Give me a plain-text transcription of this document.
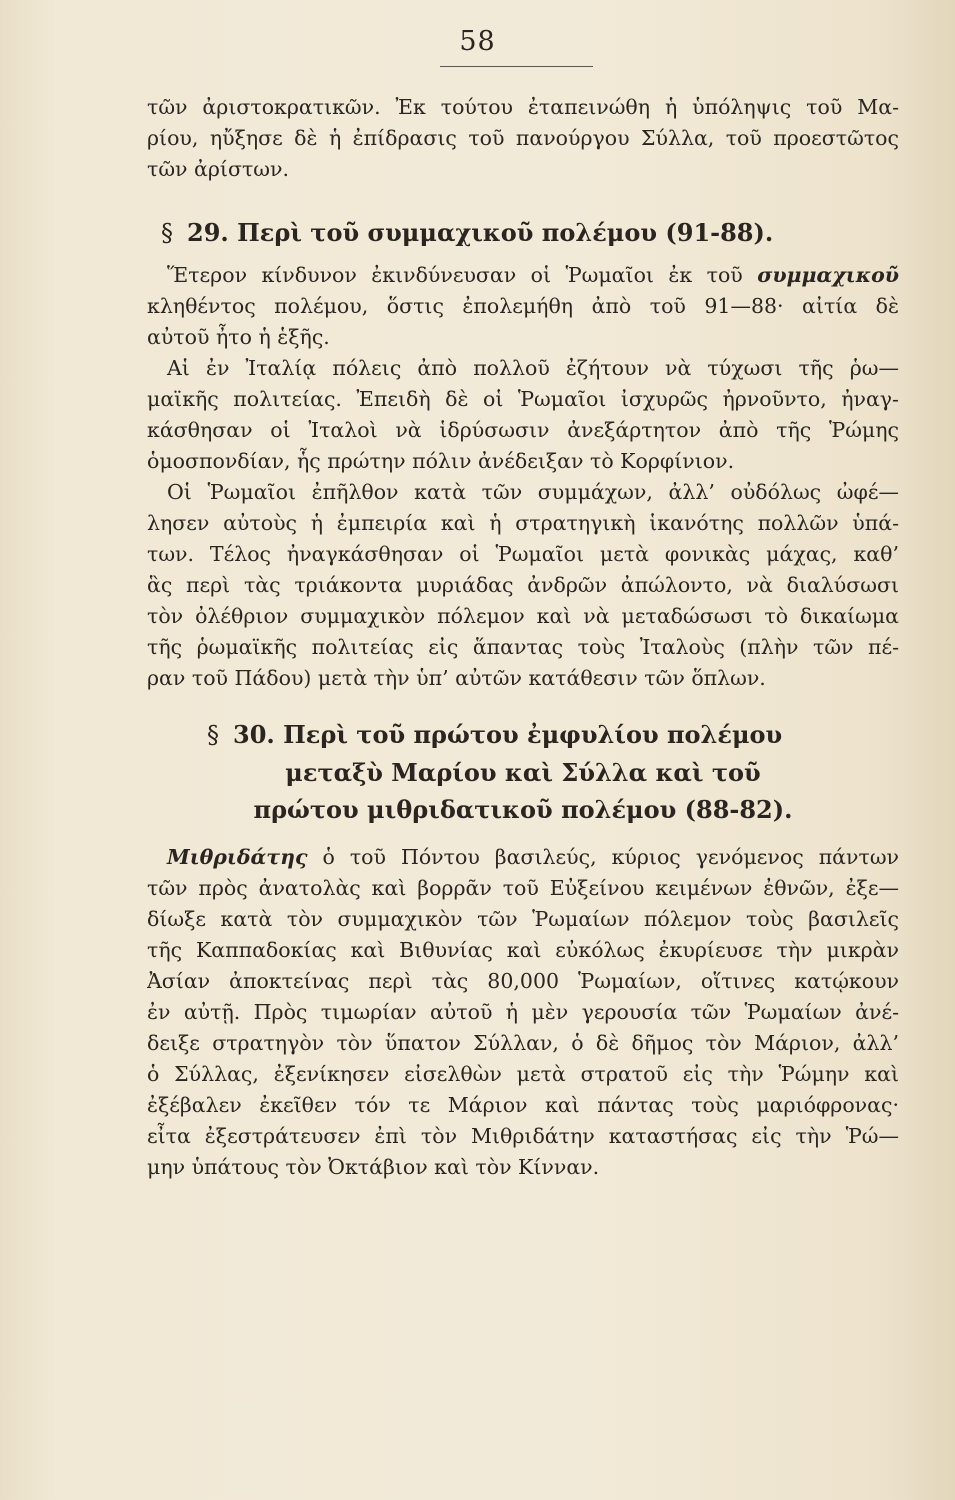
58
τῶν ἀριστοκρατικῶν. Ἐκ τούτου ἐταπεινώθη ἡ ὑπόληψις τοῦ Μα-
ρίου, ηὔξησε δὲ ἡ ἐπίδρασις τοῦ πανούργου Σύλλα, τοῦ προεστῶτος
τῶν ἀρίστων.
§ 29. Περὶ τοῦ συμμαχικοῦ πολέμου (91-88).
Ἕτερον κίνδυνον ἐκινδύνευσαν οἱ Ῥωμαῖοι ἐκ τοῦ συμμαχικοῦ
κληθέντος πολέμου, ὅστις ἐπολεμήθη ἀπὸ τοῦ 91—88· αἰτία δὲ
αὐτοῦ ἦτο ἡ ἑξῆς.
Αἱ ἐν Ἰταλίᾳ πόλεις ἀπὸ πολλοῦ ἐζήτουν νὰ τύχωσι τῆς ῥω—
μαϊκῆς πολιτείας. Ἐπειδὴ δὲ οἱ Ῥωμαῖοι ἰσχυρῶς ἠρνοῦντο, ἠναγ-
κάσθησαν οἱ Ἰταλοὶ νὰ ἱδρύσωσιν ἀνεξάρτητον ἀπὸ τῆς Ῥώμης
ὁμοσπονδίαν, ἧς πρώτην πόλιν ἀνέδειξαν τὸ Κορφίνιον.
Οἱ Ῥωμαῖοι ἐπῆλθον κατὰ τῶν συμμάχων, ἀλλ’ οὐδόλως ὠφέ—
λησεν αὐτοὺς ἡ ἐμπειρία καὶ ἡ στρατηγικὴ ἱκανότης πολλῶν ὑπά-
των. Τέλος ἠναγκάσθησαν οἱ Ῥωμαῖοι μετὰ φονικὰς μάχας, καθ’
ἃς περὶ τὰς τριάκοντα μυριάδας ἀνδρῶν ἀπώλοντο, νὰ διαλύσωσι
τὸν ὀλέθριον συμμαχικὸν πόλεμον καὶ νὰ μεταδώσωσι τὸ δικαίωμα
τῆς ῥωμαϊκῆς πολιτείας εἰς ἅπαντας τοὺς Ἰταλοὺς (πλὴν τῶν πέ-
ραν τοῦ Πάδου) μετὰ τὴν ὑπ’ αὐτῶν κατάθεσιν τῶν ὅπλων.
§ 30. Περὶ τοῦ πρώτου ἐμφυλίου πολέμου
μεταξὺ Μαρίου καὶ Σύλλα καὶ τοῦ
πρώτου μιθριδατικοῦ πολέμου (88-82).
Μιθριδάτης ὁ τοῦ Πόντου βασιλεύς, κύριος γενόμενος πάντων
τῶν πρὸς ἀνατολὰς καὶ βορρᾶν τοῦ Εὐξείνου κειμένων ἐθνῶν, ἐξε—
δίωξε κατὰ τὸν συμμαχικὸν τῶν Ῥωμαίων πόλεμον τοὺς βασιλεῖς
τῆς Καππαδοκίας καὶ Βιθυνίας καὶ εὐκόλως ἐκυρίευσε τὴν μικρὰν
Ἀσίαν ἀποκτείνας περὶ τὰς 80,000 Ῥωμαίων, οἵτινες κατῴκουν
ἐν αὐτῇ. Πρὸς τιμωρίαν αὐτοῦ ἡ μὲν γερουσία τῶν Ῥωμαίων ἀνέ-
δειξε στρατηγὸν τὸν ὕπατον Σύλλαν, ὁ δὲ δῆμος τὸν Μάριον, ἀλλ’
ὁ Σύλλας, ἐξενίκησεν εἰσελθὼν μετὰ στρατοῦ εἰς τὴν Ῥώμην καὶ
ἐξέβαλεν ἐκεῖθεν τόν τε Μάριον καὶ πάντας τοὺς μαριόφρονας·
εἶτα ἐξεστράτευσεν ἐπὶ τὸν Μιθριδάτην καταστήσας εἰς τὴν Ῥώ—
μην ὑπάτους τὸν Ὀκτάβιον καὶ τὸν Κίνναν.
